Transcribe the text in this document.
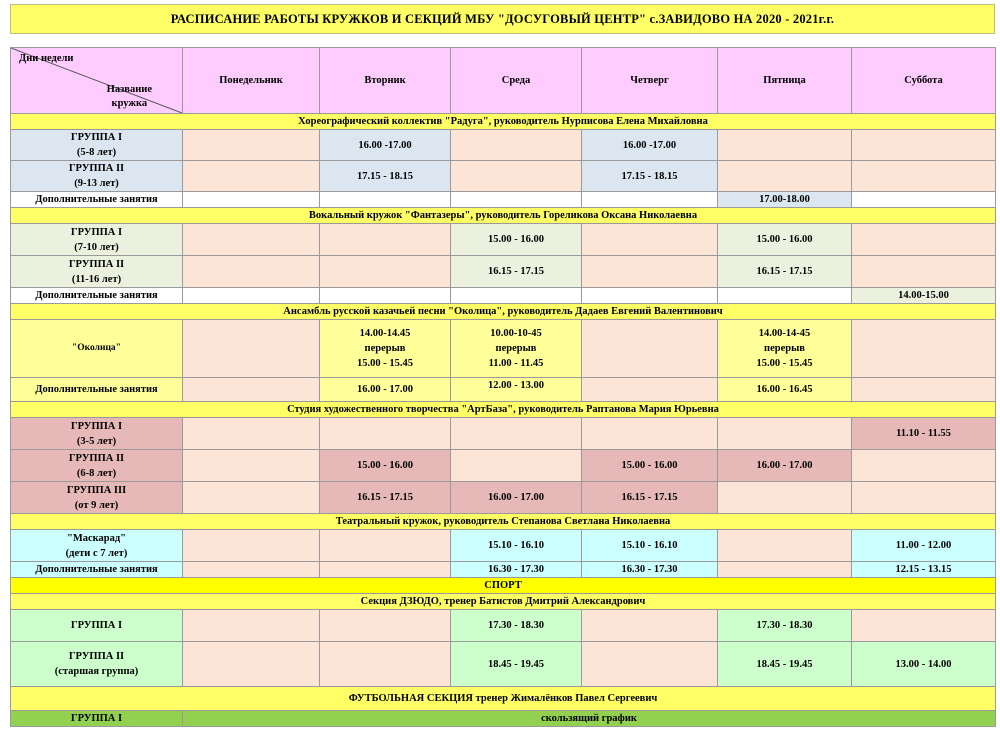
РАСПИСАНИЕ РАБОТЫ КРУЖКОВ И СЕКЦИЙ МБУ "ДОСУГОВЫЙ ЦЕНТР" с.ЗАВИДОВО НА 2020 - 2021г.г.
Дни недели
Название
кружка	Понедельник	Вторник	Среда	Четверг	Пятница	Суббота
Хореографический коллектив "Радуга", руководитель Нурписова Елена Михайловна						
ГРУППА I
(5-8 лет)		16.00 -17.00		16.00 -17.00		
ГРУППА II
(9-13 лет)		17.15 - 18.15		17.15 - 18.15		
Дополнительные занятия					17.00-18.00	
Вокальный кружок "Фантазеры", руководитель Гореликова Оксана Николаевна						
ГРУППА I
(7-10 лет)			15.00 - 16.00		15.00 - 16.00	
ГРУППА II
(11-16 лет)			16.15 - 17.15		16.15 - 17.15	
Дополнительные занятия						14.00-15.00
Ансамбль русской казачьей песни "Околица", руководитель Дадаев Евгений Валентинович						
"Околица"		14.00-14.45
перерыв
15.00 - 15.45	10.00-10-45
перерыв
11.00 - 11.45		14.00-14-45
перерыв
15.00 - 15.45	
Дополнительные занятия		16.00 - 17.00	12.00 - 13.00		16.00 - 16.45	
Студия художественного творчества "АртБаза", руководитель Раптанова Мария Юрьевна						
ГРУППА I
(3-5 лет)						11.10 - 11.55
ГРУППА II
(6-8 лет)		15.00 - 16.00		15.00 - 16.00	16.00 - 17.00	
ГРУППА III
(от 9 лет)		16.15 - 17.15	16.00 - 17.00	16.15 - 17.15		
Театральный кружок, руководитель Степанова Светлана Николаевна						
"Маскарад"
(дети с 7 лет)			15.10 - 16.10	15.10 - 16.10		11.00 - 12.00
Дополнительные занятия			16.30 - 17.30	16.30 - 17.30		12.15 - 13.15
СПОРТ						
Секция ДЗЮДО, тренер Батистов Дмитрий Александрович						
ГРУППА I			17.30 - 18.30		17.30 - 18.30	
ГРУППА II
(старшая группа)			18.45 - 19.45		18.45 - 19.45	13.00 - 14.00
ФУТБОЛЬНАЯ СЕКЦИЯ тренер Жималёнков Павел Сергеевич						
ГРУППА I	скользящий график					
